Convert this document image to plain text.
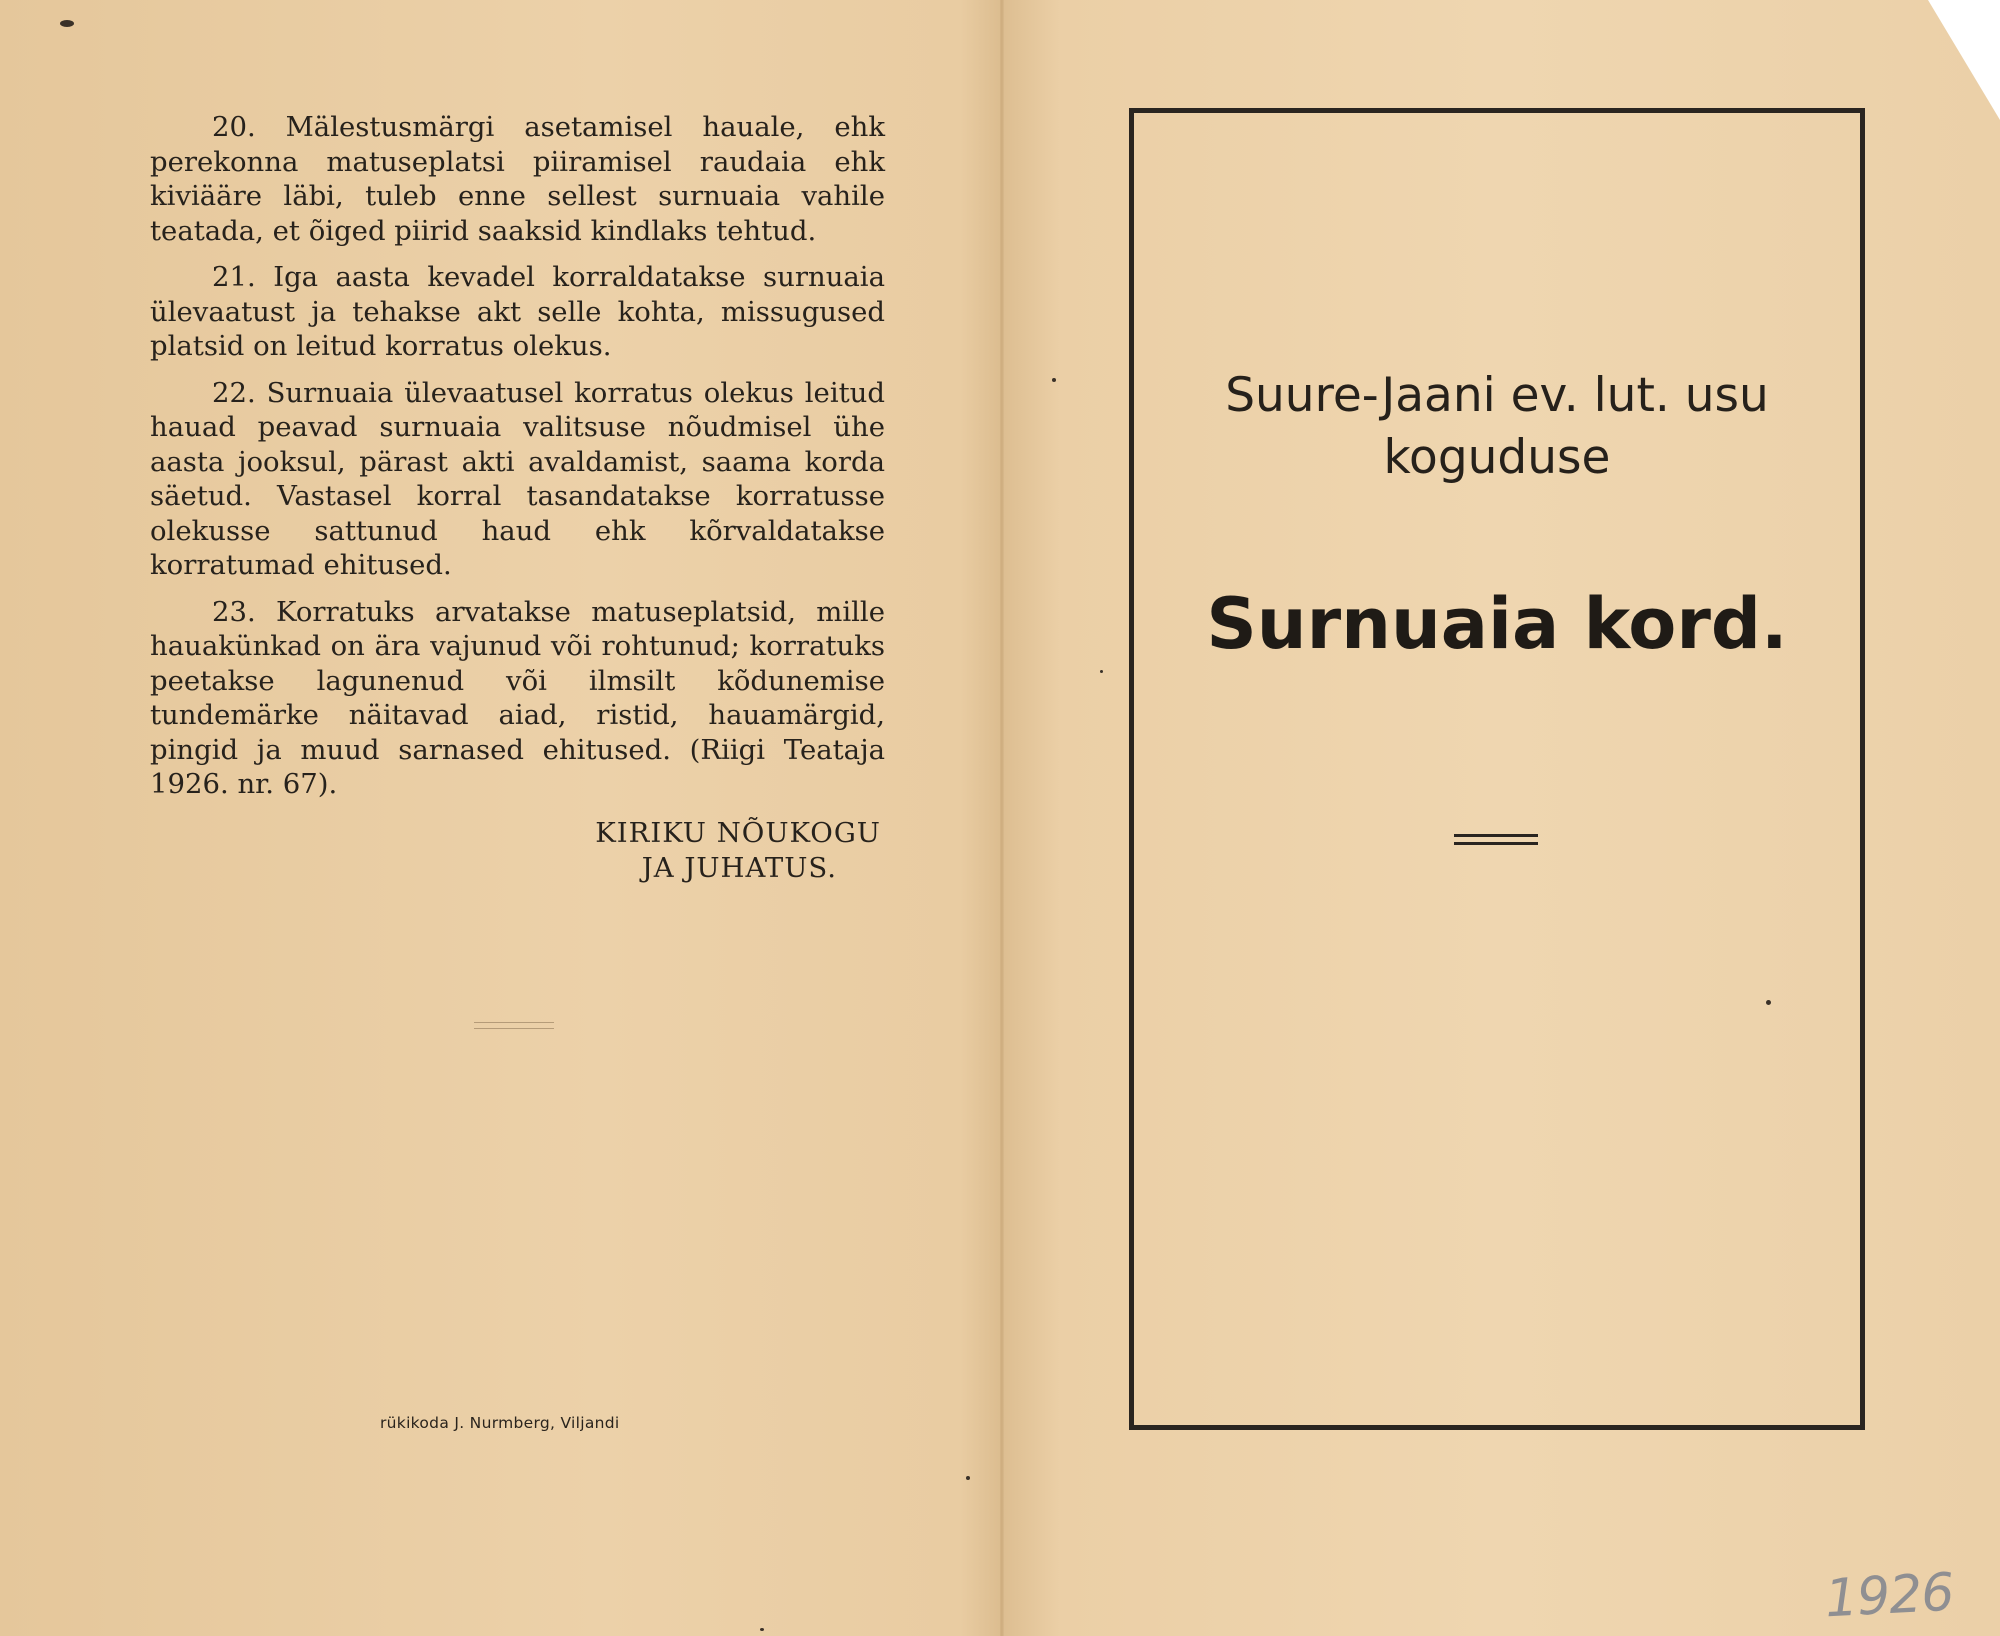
20. Mälestusmärgi asetamisel hauale, ehk perekonna matuseplatsi piiramisel raudaia ehk kiviääre läbi, tuleb enne sellest surnuaia vahile teatada, et õiged piirid saaksid kindlaks tehtud.

21. Iga aasta kevadel korraldatakse surnuaia ülevaatust ja tehakse akt selle kohta, missugused platsid on leitud korratus olekus.

22. Surnuaia ülevaatusel korratus olekus leitud hauad peavad surnuaia valitsuse nõudmisel ühe aasta jooksul, pärast akti avaldamist, saama korda säetud. Vastasel korral tasandatakse korratusse olekusse sattunud haud ehk kõrvaldatakse korratumad ehitused.

23. Korratuks arvatakse matuseplatsid, mille hauakünkad on ära vajunud või rohtunud; korratuks peetakse lagunenud või ilmsilt kõdunemise tundemärke näitavad aiad, ristid, hauamärgid, pingid ja muud sarnased ehitused. (Riigi Teataja 1926. nr. 67).

KIRIKU NÕUKOGU
JA JUHATUS.
rükikoda J. Nurmberg, Viljandi
Suure-Jaani ev. lut. usu
koguduse
Surnuaia kord.
1926
